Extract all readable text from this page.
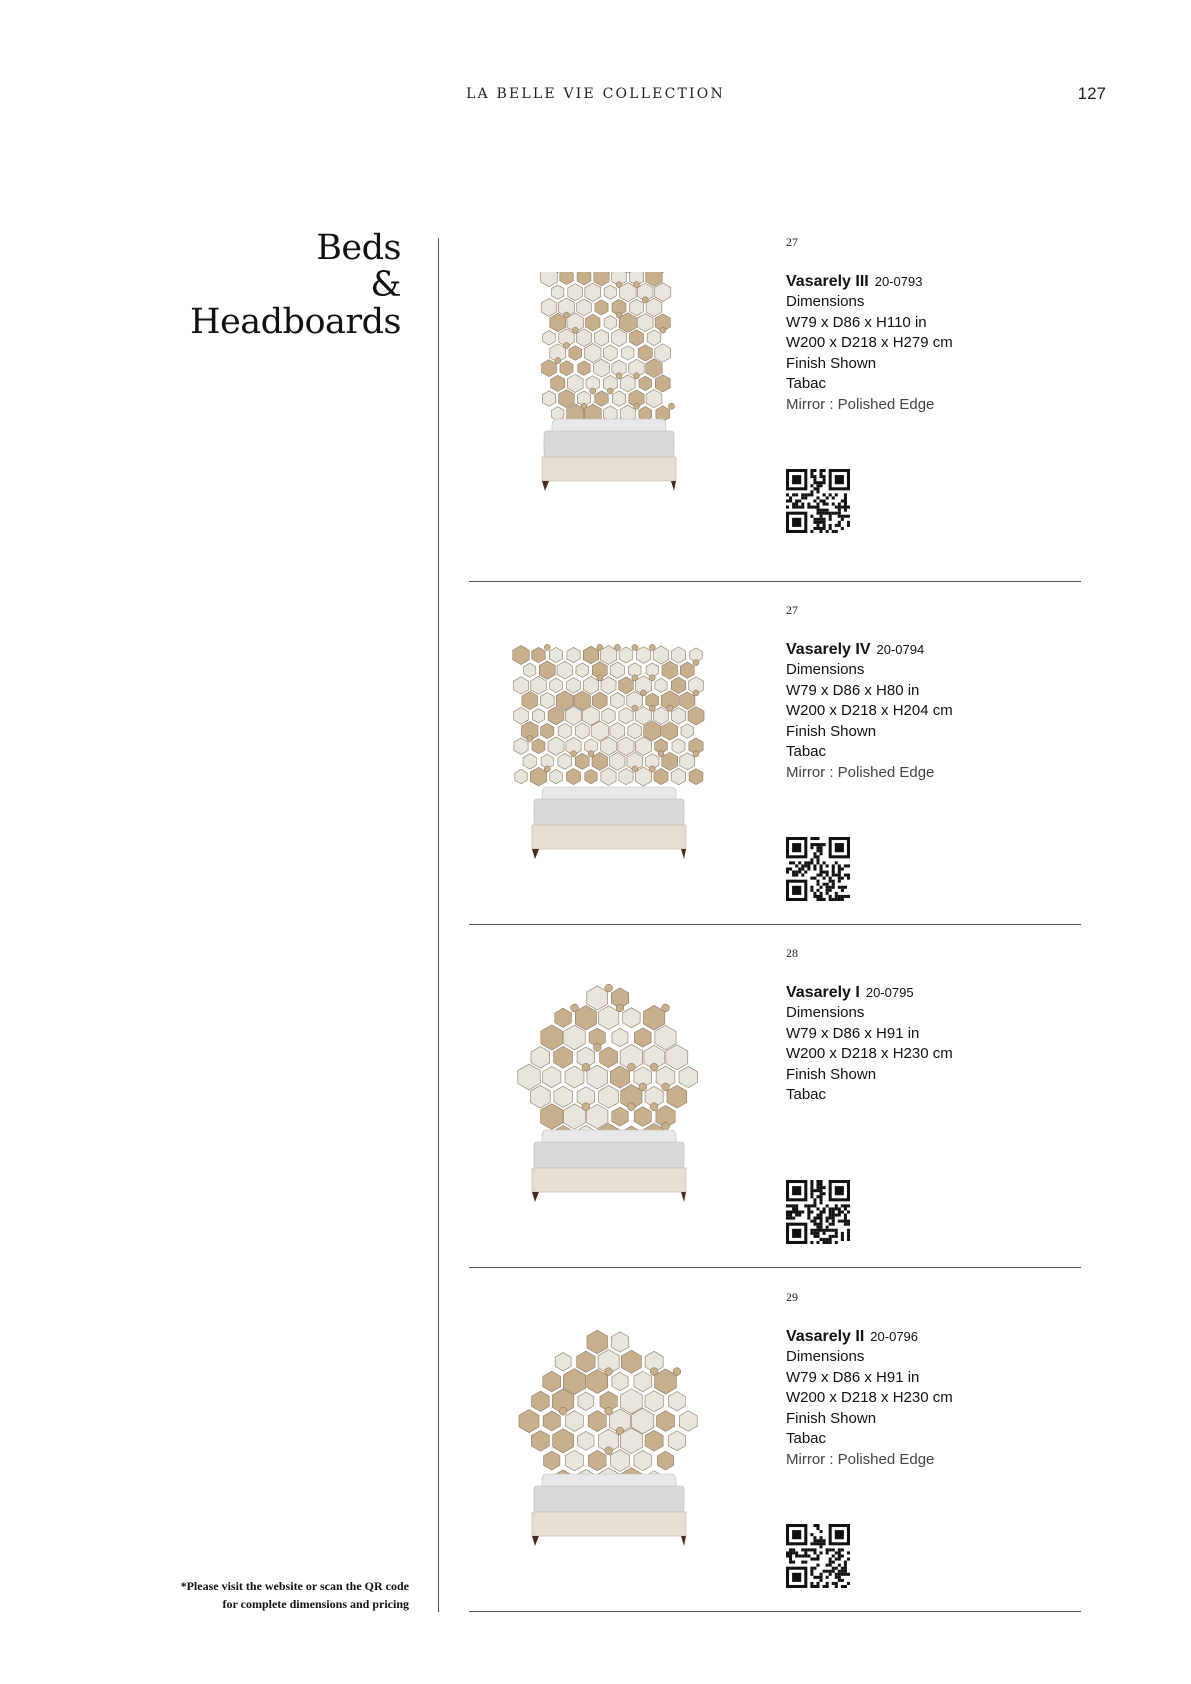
LA BELLE VIE COLLECTION	127
Beds
&
Headboards
*Please visit the website or scan the QR code
for complete dimensions and pricing
27
Vasarely III 20-0793
Dimensions
W79 x D86 x H110 in
W200 x D218 x H279 cm
Finish Shown
Tabac
Mirror : Polished Edge
27
Vasarely IV 20-0794
Dimensions
W79 x D86 x H80 in
W200 x D218 x H204 cm
Finish Shown
Tabac
Mirror : Polished Edge
28
Vasarely I 20-0795
Dimensions
W79 x D86 x H91 in
W200 x D218 x H230 cm
Finish Shown
Tabac
29
Vasarely II 20-0796
Dimensions
W79 x D86 x H91 in
W200 x D218 x H230 cm
Finish Shown
Tabac
Mirror : Polished Edge
